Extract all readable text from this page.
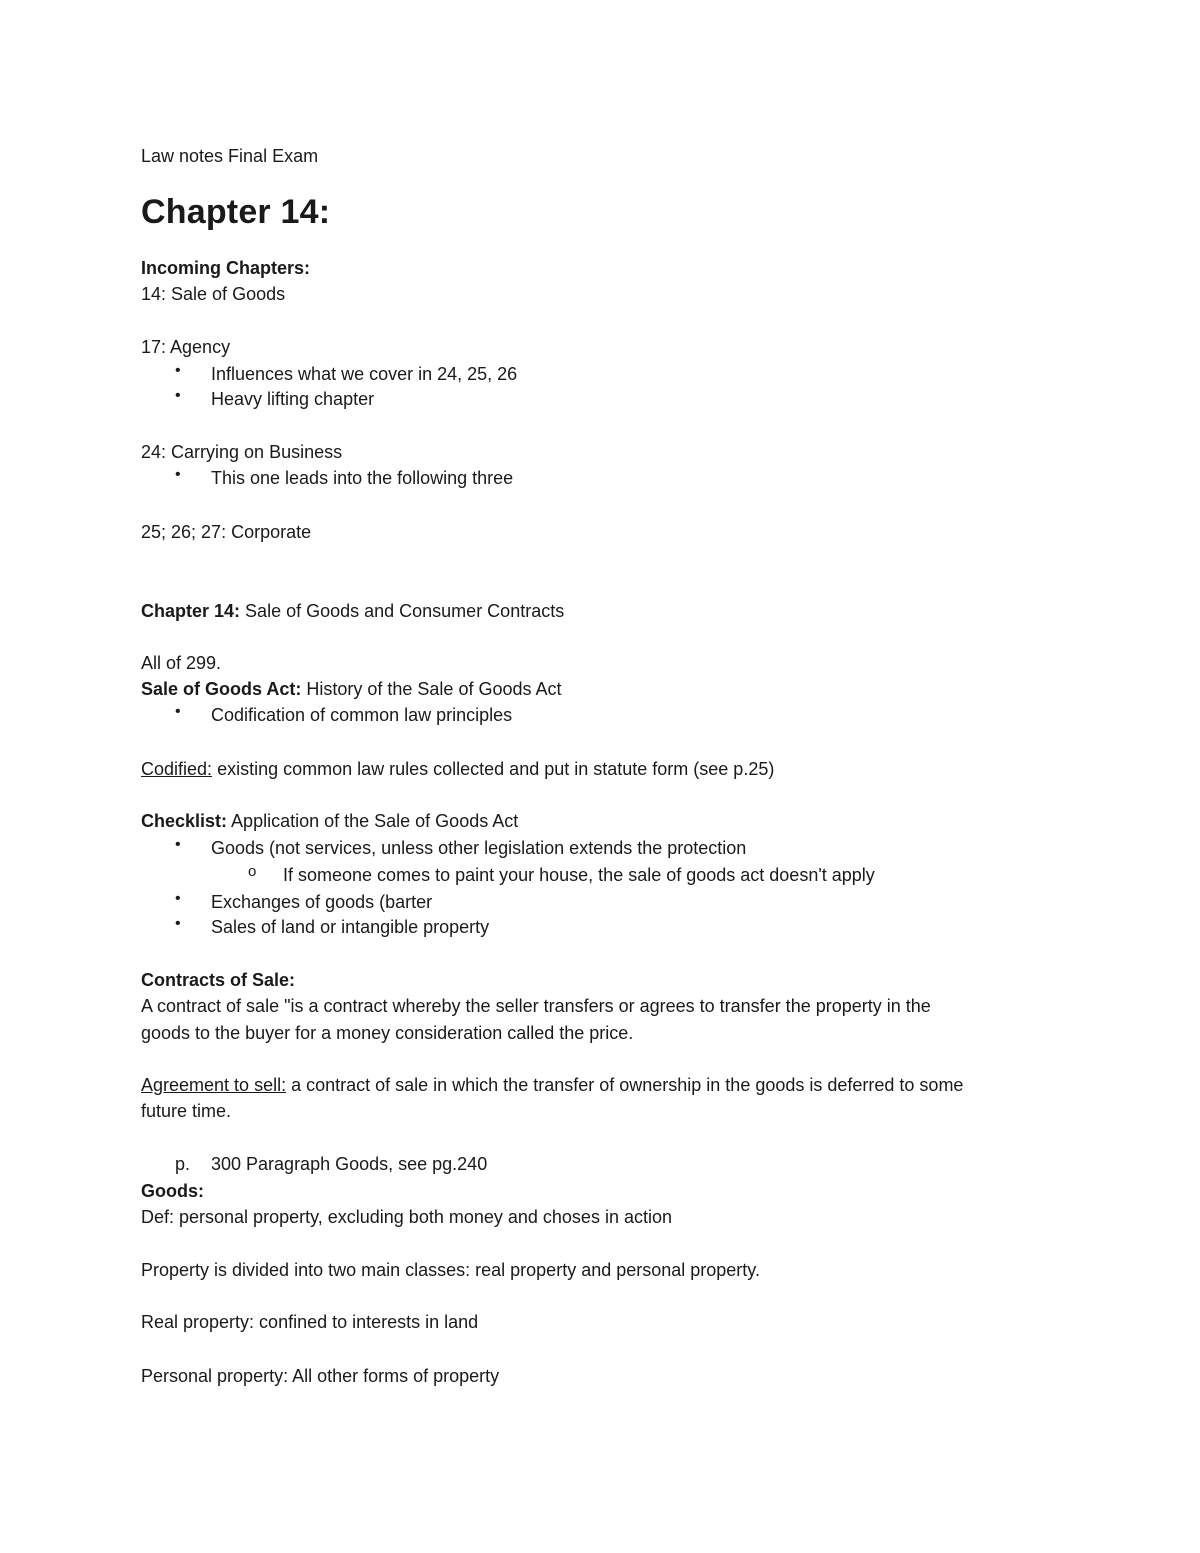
Law notes Final Exam
Chapter 14:
Incoming Chapters:
14: Sale of Goods
17: Agency
• Influences what we cover in 24, 25, 26
• Heavy lifting chapter
24: Carrying on Business
• This one leads into the following three
25; 26; 27: Corporate
Chapter 14: Sale of Goods and Consumer Contracts
All of 299.
Sale of Goods Act: History of the Sale of Goods Act
• Codification of common law principles
Codified: existing common law rules collected and put in statute form (see p.25)
Checklist: Application of the Sale of Goods Act
• Goods (not services, unless other legislation extends the protection
o If someone comes to paint your house, the sale of goods act doesn't apply
• Exchanges of goods (barter
• Sales of land or intangible property
Contracts of Sale:
A contract of sale "is a contract whereby the seller transfers or agrees to transfer the property in the
goods to the buyer for a money consideration called the price.
Agreement to sell: a contract of sale in which the transfer of ownership in the goods is deferred to some
future time.
p. 300 Paragraph Goods, see pg.240
Goods:
Def: personal property, excluding both money and choses in action
Property is divided into two main classes: real property and personal property.
Real property: confined to interests in land
Personal property: All other forms of property
